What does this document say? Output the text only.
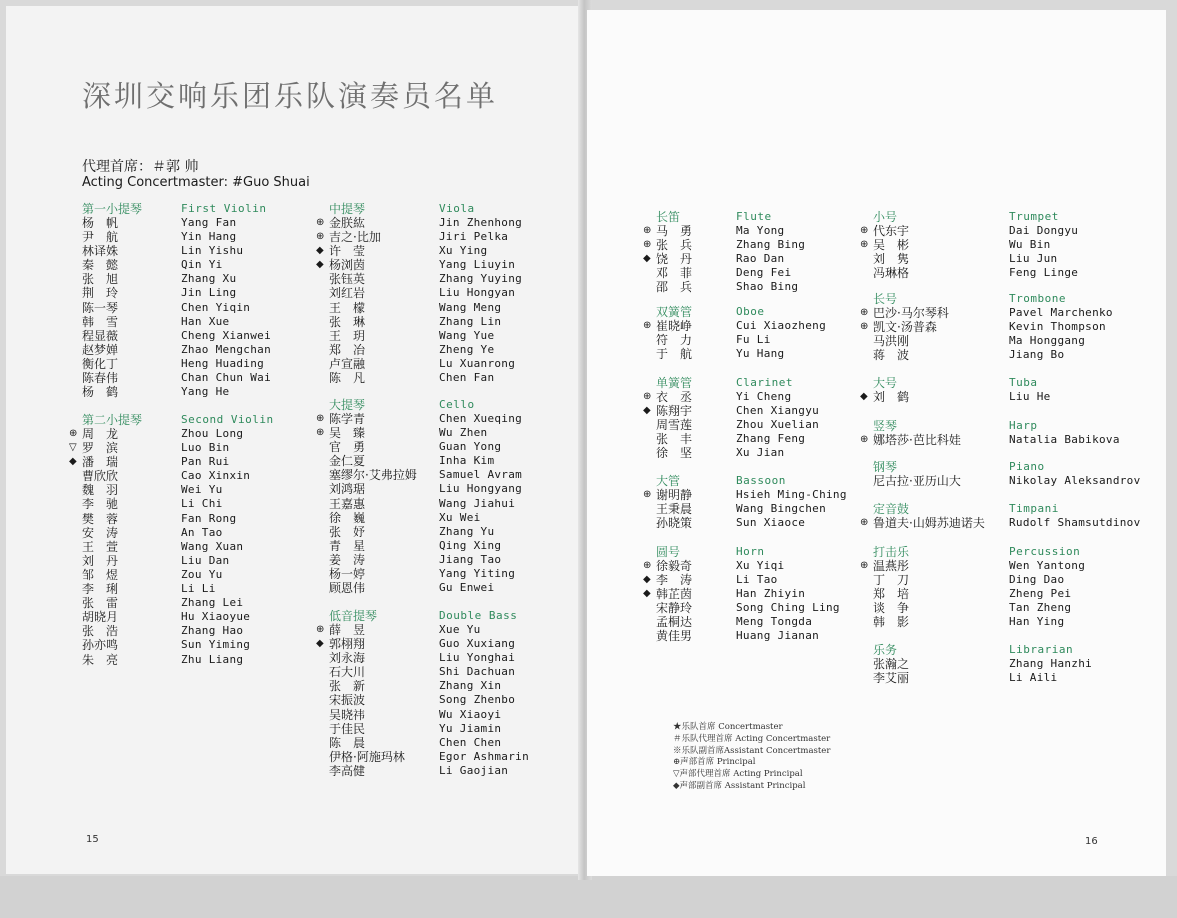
深圳交响乐团乐队演奏员名单
代理首席：＃郭 帅
Acting Concertmaster: #Guo Shuai
15
第一小提琴	First Violin
杨　帆	Yang Fan
尹　航	Yin Hang
林译姝	Lin Yishu
秦　懿	Qin Yi
张　旭	Zhang Xu
荆　玲	Jin Ling
陈一琴	Chen Yiqin
韩　雪	Han Xue
程显薇	Cheng Xianwei
赵梦婵	Zhao Mengchan
衡化丁	Heng Huading
陈春伟	Chan Chun Wai
杨　鹤	Yang He
第二小提琴	Second Violin
⊕ 周　龙	Zhou Long
▽ 罗　滨	Luo Bin
◆ 潘　瑞	Pan Rui
曹欣欣	Cao Xinxin
魏　羽	Wei Yu
李　驰	Li Chi
樊　蓉	Fan Rong
安　涛	An Tao
王　萱	Wang Xuan
刘　丹	Liu Dan
邹　煜	Zou Yu
李　琍	Li Li
张　雷	Zhang Lei
胡晓月	Hu Xiaoyue
张　浩	Zhang Hao
孙亦鸣	Sun Yiming
朱　亮	Zhu Liang
中提琴	Viola
⊕ 金朕紘	Jin Zhenhong
⊕ 吉之·比加	Jiri Pelka
◆ 许　莹	Xu Ying
◆ 杨浏茵	Yang Liuyin
张钰英	Zhang Yuying
刘红岩	Liu Hongyan
王　檬	Wang Meng
张　琳	Zhang Lin
王　玥	Wang Yue
郑　冶	Zheng Ye
卢宣融	Lu Xuanrong
陈　凡	Chen Fan
大提琴	Cello
⊕ 陈学青	Chen Xueqing
⊕ 吴　臻	Wu Zhen
官　勇	Guan Yong
金仁夏	Inha Kim
塞缪尔·艾弗拉姆 Samuel Avram
刘鸿琚	Liu Hongyang
王嘉惠	Wang Jiahui
徐　巍	Xu Wei
张　妤	Zhang Yu
青　星	Qing Xing
姜　涛	Jiang Tao
杨一婷	Yang Yiting
顾恩伟	Gu Enwei
低音提琴	Double Bass
⊕ 薛　昱	Xue Yu
◆ 郭栩翔	Guo Xuxiang
刘永海	Liu Yonghai
石大川	Shi Dachuan
张　新	Zhang Xin
宋振波	Song Zhenbo
吴晓祎	Wu Xiaoyi
于佳民	Yu Jiamin
陈　晨	Chen Chen
伊格·阿施玛林	Egor Ashmarin
李高健	Li Gaojian
16
★乐队首席 Concertmaster
＃乐队代理首席 Acting Concertmaster
※乐队副首席Assistant Concertmaster
⊕声部首席 Principal
▽声部代理首席 Acting Principal
◆声部副首席 Assistant Principal
长笛	Flute
⊕ 马　勇	Ma Yong
⊕ 张　兵	Zhang Bing
◆ 饶　丹	Rao Dan
邓　菲	Deng Fei
邵　兵	Shao Bing
双簧管	Oboe
⊕ 崔晓峥	Cui Xiaozheng
符　力	Fu Li
于　航	Yu Hang
单簧管	Clarinet
⊕ 衣　丞	Yi Cheng
◆ 陈翔宇	Chen Xiangyu
周雪莲	Zhou Xuelian
张　丰	Zhang Feng
徐　坚	Xu Jian
大管	Bassoon
⊕ 谢明静	Hsieh Ming-Ching
王秉晨	Wang Bingchen
孙晓策	Sun Xiaoce
圆号	Horn
⊕ 徐毅奇	Xu Yiqi
◆ 李　涛	Li Tao
◆ 韩芷茵	Han Zhiyin
宋静玲	Song Ching Ling
孟桐达	Meng Tongda
黄佳男	Huang Jianan
小号	Trumpet
⊕ 代东宇	Dai Dongyu
⊕ 吴　彬	Wu Bin
刘　隽	Liu Jun
冯琳格	Feng Linge
长号	Trombone
⊕ 巴沙·马尔琴科	Pavel Marchenko
⊕ 凯文·汤普森	Kevin Thompson
马洪刚	Ma Honggang
蒋　波	Jiang Bo
大号	Tuba
◆ 刘　鹤	Liu He
竖琴	Harp
⊕ 娜塔莎·芭比科娃	Natalia Babikova
钢琴	Piano
尼古拉·亚历山大	Nikolay Aleksandrov
定音鼓	Timpani
⊕ 鲁道夫·山姆苏迪诺夫 Rudolf Shamsutdinov
打击乐	Percussion
⊕ 温燕彤	Wen Yantong
丁　刀	Ding Dao
郑　培	Zheng Pei
谈　争	Tan Zheng
韩　影	Han Ying
乐务	Librarian
张瀚之	Zhang Hanzhi
李艾丽	Li Aili
